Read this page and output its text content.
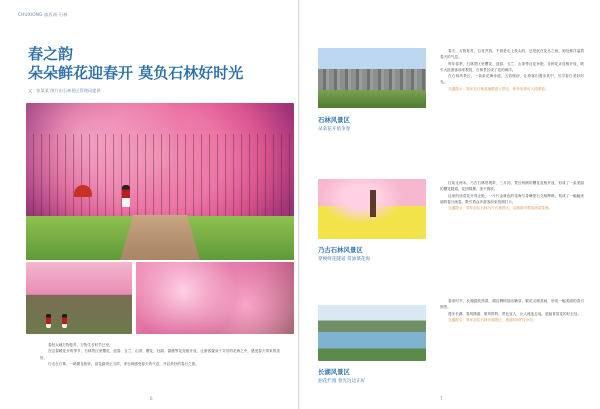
CHUXIONG 滇西南·石林
春之韵
朵朵鲜花迎春开 莫负石林好时光
文：张某某 图片由石林景区管理局提供

春回大地万物复苏，万物生长时节已至。

在这春暖花开的季节，石林景区里樱花、迎春、玉兰、山茶、樱花、杜鹃、蔷薇等花竞相开放，让游客置身于芬芳的花海之中，感受春天带来的美好。

行走在石林，一路繁花相伴，赏花踏青正当时，来石林感受春天的气息，开启美好的春日之旅。

6	7
石林风景区
朵朵花开俏争春
乃古石林风景区
穿梭鲜花隧道 赏油菜花海
长湖风景区
油花烂漫 春光这边正好

春天，万物复苏，百花齐放，不管是走上枝头的，还是低在花丛之间，到处都洋溢着春天的气息。

每年春季，石林景区里樱花、迎春、玉兰、山茶等百花争艳，各种花卉竞相开放，吸引大批游客前来观赏，石林景区成了花的海洋。

在石林风景区，一条条花海步道，五彩缤纷，让游客们漫步其中，尽享春日美好时光。

交通提示：驾车走石林高速路进入景区，停车后即可入园游览。

往前走两米，乃古石林景观带，三月初，景区两侧的樱花竞相开放，形成了一条美丽的樱花隧道，花团锦簇，美不胜收。

这里的油菜花开得正艳，一片片金黄色的花海与奇峰怪石交相辉映，构成了一幅幅美丽的春日画卷，吸引着众多游客前来拍照打卡。

交通提示：驾车前往石林乃古石林景区，沿路即可观赏油菜花海。

春来时节，长湖碧波荡漾，湖边柳树抽出嫩芽，繁花点缀其间，形成一幅美丽的春日图景。

漫步长湖，春风拂面，微风阵阵，景色宜人，让人流连忘返，是踏青赏花的好去处。

交通提示：驾车前往石林长湖景区，游览时间约1小时。
